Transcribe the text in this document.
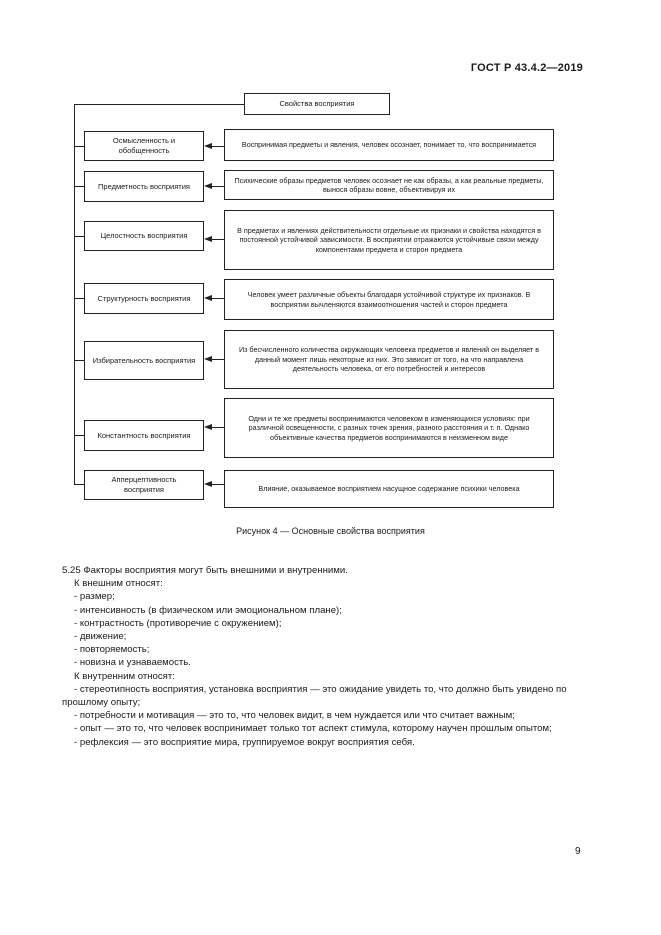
ГОСТ Р 43.4.2—2019
Свойства восприятия
Осмысленность и обобщенность
Предметность восприятия
Целостность восприятия
Структурность восприятия
Избирательность восприятия
Константность восприятия
Апперцептивность восприятия
Воспринимая предметы и явления, человек осознает, понимает то, что воспринимается
Психические образы предметов человек осознает не как образы, а как реальные предметы, вынося образы вовне, объективируя их
В предметах и явлениях действительности отдельные их признаки и свойства находятся в постоянной устойчивой зависимости. В восприятии отражаются устойчивые связи между компонентами предмета и сторон предмета
Человек умеет различные объекты благодаря устойчивой структуре их признаков. В восприятии вычленяются взаимоотношения частей и сторон предмета
Из бесчисленного количества окружающих человека предметов и явлений он выделяет в данный момент лишь некоторые из них. Это зависит от того, на что направлена деятельность человека, от его потребностей и интересов
Одни и те же предметы воспринимаются человеком в изменяющихся условиях: при различной освещенности, с разных точек зрения, разного расстояния и т. п. Однако объективные качества предметов воспринимаются в неизменном виде
Влияние, оказываемое восприятием насущное содержание психики человека
Рисунок 4 — Основные свойства восприятия

5.25 Факторы восприятия могут быть внешними и внутренними.

К внешним относят:

- размер;

- интенсивность (в физическом или эмоциональном плане);

- контрастность (противоречие с окружением);

- движение;

- повторяемость;

- новизна и узнаваемость.

К внутренним относят:

- стереотипность восприятия, установка восприятия — это ожидание увидеть то, что должно быть увидено по прошлому опыту;

- потребности и мотивация — это то, что человек видит, в чем нуждается или что считает важным;

- опыт — это то, что человек воспринимает только тот аспект стимула, которому научен прошлым опытом;

- рефлексия — это восприятие мира, группируемое вокруг восприятия себя.

9
